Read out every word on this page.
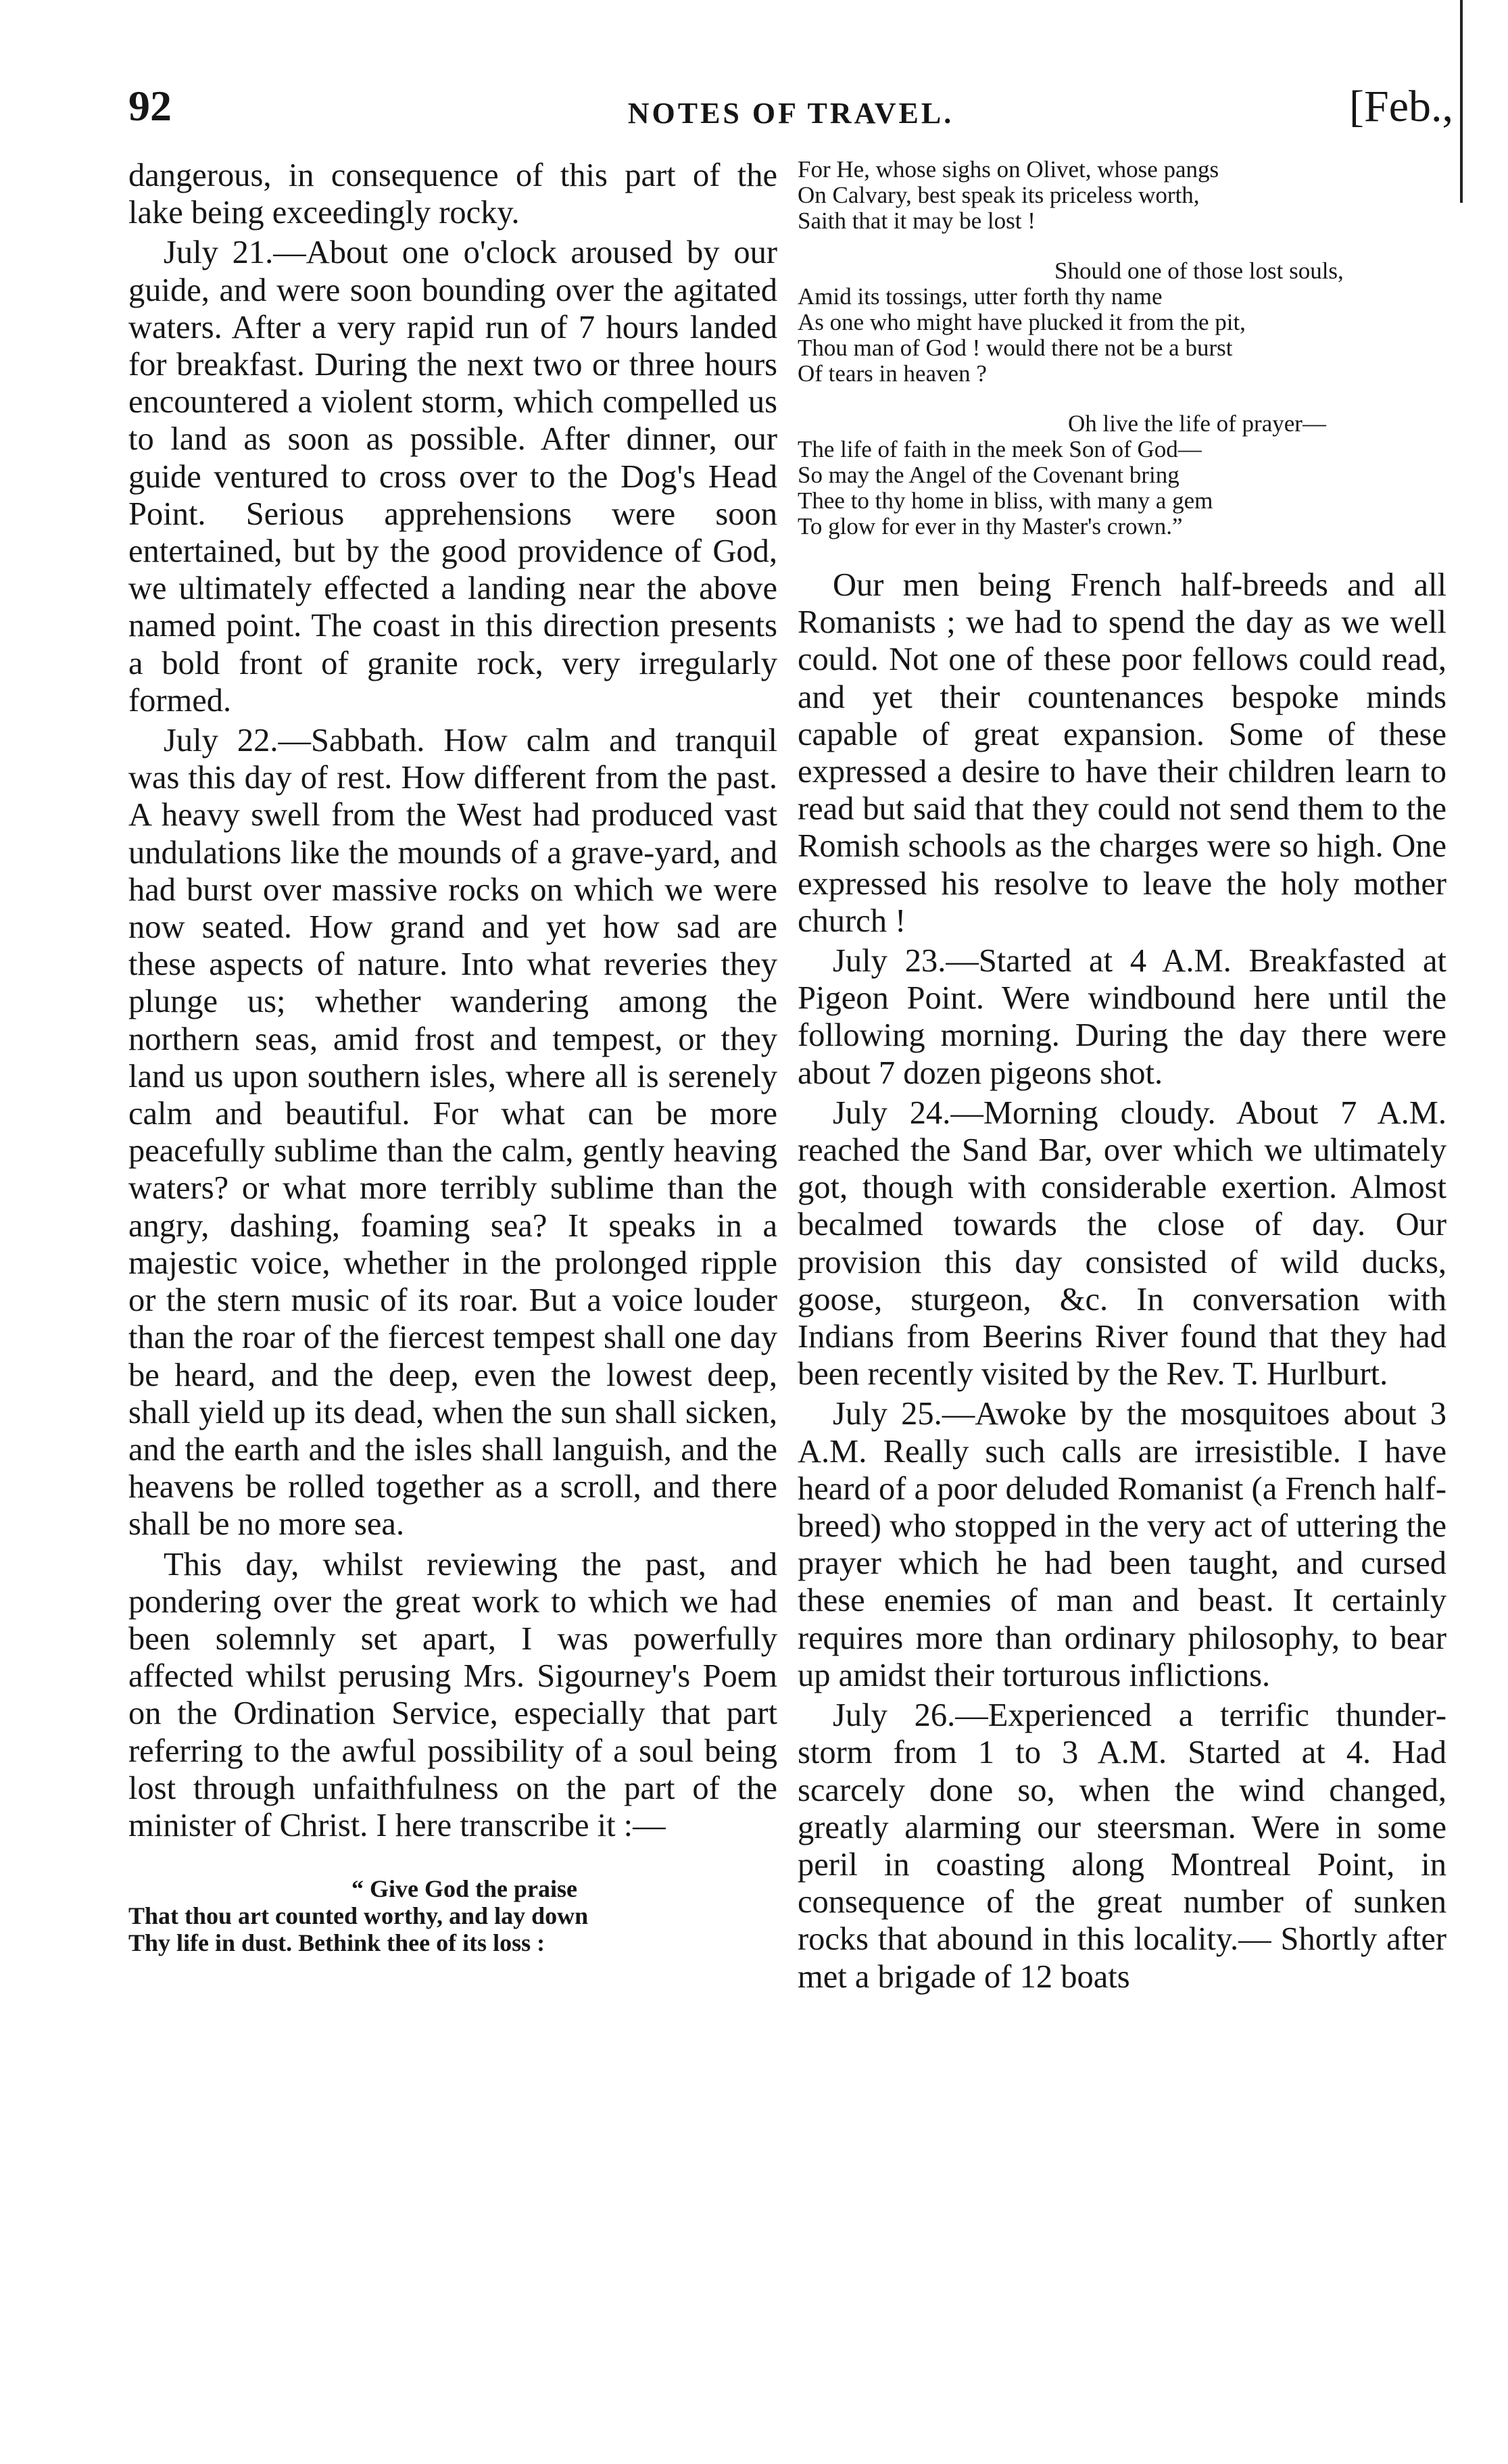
92	NOTES OF TRAVEL.	[Feb.,

dangerous, in consequence of this part of the lake being exceedingly rocky.

July 21.—About one o'clock aroused by our guide, and were soon bounding over the agitated waters. After a very rapid run of 7 hours landed for breakfast. During the next two or three hours encountered a violent storm, which compelled us to land as soon as possible. After dinner, our guide ventured to cross over to the Dog's Head Point. Serious apprehensions were soon entertained, but by the good providence of God, we ultimately effected a landing near the above named point. The coast in this direction presents a bold front of granite rock, very irregularly formed.

July 22.—Sabbath. How calm and tranquil was this day of rest. How different from the past. A heavy swell from the West had produced vast undulations like the mounds of a grave-yard, and had burst over massive rocks on which we were now seated. How grand and yet how sad are these aspects of nature. Into what reveries they plunge us; whether wandering among the northern seas, amid frost and tempest, or they land us upon southern isles, where all is serenely calm and beautiful. For what can be more peacefully sublime than the calm, gently heaving waters? or what more terribly sublime than the angry, dashing, foaming sea? It speaks in a majestic voice, whether in the prolonged ripple or the stern music of its roar. But a voice louder than the roar of the fiercest tempest shall one day be heard, and the deep, even the lowest deep, shall yield up its dead, when the sun shall sicken, and the earth and the isles shall languish, and the heavens be rolled together as a scroll, and there shall be no more sea.

This day, whilst reviewing the past, and pondering over the great work to which we had been solemnly set apart, I was powerfully affected whilst perusing Mrs. Sigourney's Poem on the Ordination Service, especially that part referring to the awful possibility of a soul being lost through unfaithfulness on the part of the minister of Christ. I here transcribe it :—

“ Give God the praise
That thou art counted worthy, and lay down
Thy life in dust. Bethink thee of its loss :
For He, whose sighs on Olivet, whose pangs
On Calvary, best speak its priceless worth,
Saith that it may be lost !
Should one of those lost souls,
Amid its tossings, utter forth thy name
As one who might have plucked it from the pit,
Thou man of God ! would there not be a burst
Of tears in heaven ?
Oh live the life of prayer—
The life of faith in the meek Son of God—
So may the Angel of the Covenant bring
Thee to thy home in bliss, with many a gem
To glow for ever in thy Master's crown.”

Our men being French half-breeds and all Romanists ; we had to spend the day as we well could. Not one of these poor fellows could read, and yet their countenances bespoke minds capable of great expansion. Some of these expressed a desire to have their children learn to read but said that they could not send them to the Romish schools as the charges were so high. One expressed his resolve to leave the holy mother church !

July 23.—Started at 4 A.M. Breakfasted at Pigeon Point. Were windbound here until the following morning. During the day there were about 7 dozen pigeons shot.

July 24.—Morning cloudy. About 7 A.M. reached the Sand Bar, over which we ultimately got, though with considerable exertion. Almost becalmed towards the close of day. Our provision this day consisted of wild ducks, goose, sturgeon, &c. In conversation with Indians from Beerins River found that they had been recently visited by the Rev. T. Hurlburt.

July 25.—Awoke by the mosquitoes about 3 A.M. Really such calls are irresistible. I have heard of a poor deluded Romanist (a French half-breed) who stopped in the very act of uttering the prayer which he had been taught, and cursed these enemies of man and beast. It certainly requires more than ordinary philosophy, to bear up amidst their torturous inflictions.

July 26.—Experienced a terrific thunder-storm from 1 to 3 A.M. Started at 4. Had scarcely done so, when the wind changed, greatly alarming our steersman. Were in some peril in coasting along Montreal Point, in consequence of the great number of sunken rocks that abound in this locality.— Shortly after met a brigade of 12 boats
